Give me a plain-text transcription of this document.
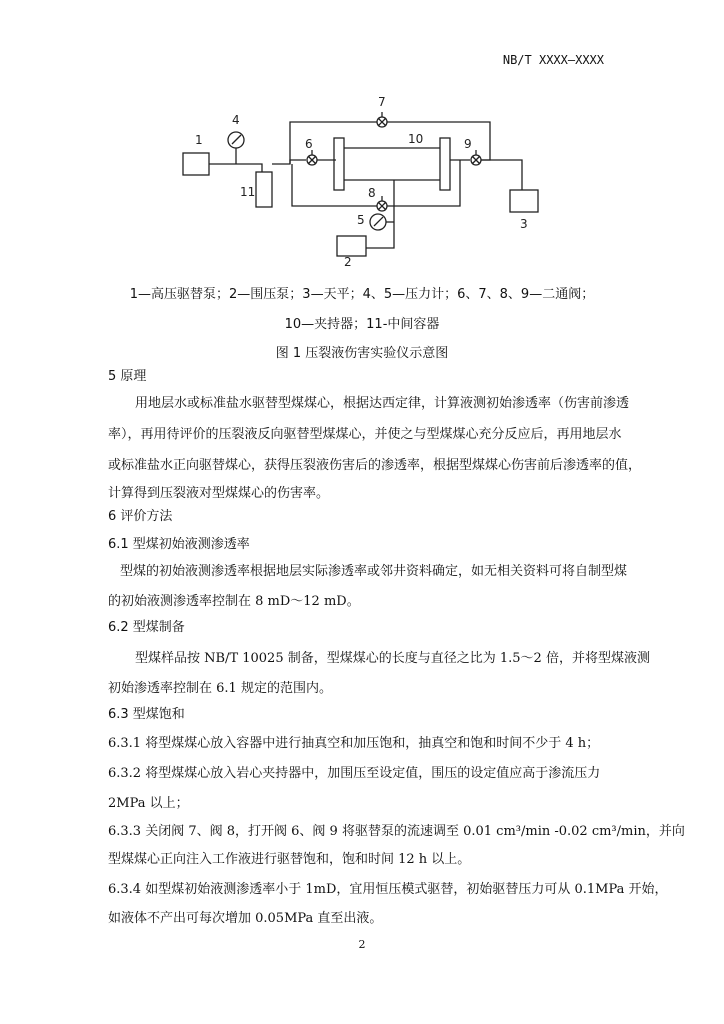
NB/T XXXX—XXXX
1
4
11
6
7
10
8
5
9
3
2
1—高压驱替泵；2—围压泵；3—天平；4、5—压力计；6、7、8、9—二通阀；
10—夹持器；11-中间容器
图 1 压裂液伤害实验仪示意图
5 原理
用地层水或标准盐水驱替型煤煤心，根据达西定律，计算液测初始渗透率（伤害前渗透
率），再用待评价的压裂液反向驱替型煤煤心，并使之与型煤煤心充分反应后，再用地层水
或标准盐水正向驱替煤心，获得压裂液伤害后的渗透率，根据型煤煤心伤害前后渗透率的值，
计算得到压裂液对型煤煤心的伤害率。
6 评价方法
6.1 型煤初始液测渗透率
型煤的初始液测渗透率根据地层实际渗透率或邻井资料确定，如无相关资料可将自制型煤
的初始液测渗透率控制在 8 mD～12 mD。
6.2 型煤制备
型煤样品按 NB/T 10025 制备，型煤煤心的长度与直径之比为 1.5～2 倍，并将型煤液测
初始渗透率控制在 6.1 规定的范围内。
6.3 型煤饱和
6.3.1 将型煤煤心放入容器中进行抽真空和加压饱和，抽真空和饱和时间不少于 4 h；
6.3.2 将型煤煤心放入岩心夹持器中，加围压至设定值，围压的设定值应高于渗流压力
2MPa 以上；
6.3.3 关闭阀 7、阀 8，打开阀 6、阀 9 将驱替泵的流速调至 0.01 cm³/min -0.02 cm³/min，并向
型煤煤心正向注入工作液进行驱替饱和，饱和时间 12 h 以上。
6.3.4 如型煤初始液测渗透率小于 1mD，宜用恒压模式驱替，初始驱替压力可从 0.1MPa 开始，
如液体不产出可每次增加 0.05MPa 直至出液。
2
